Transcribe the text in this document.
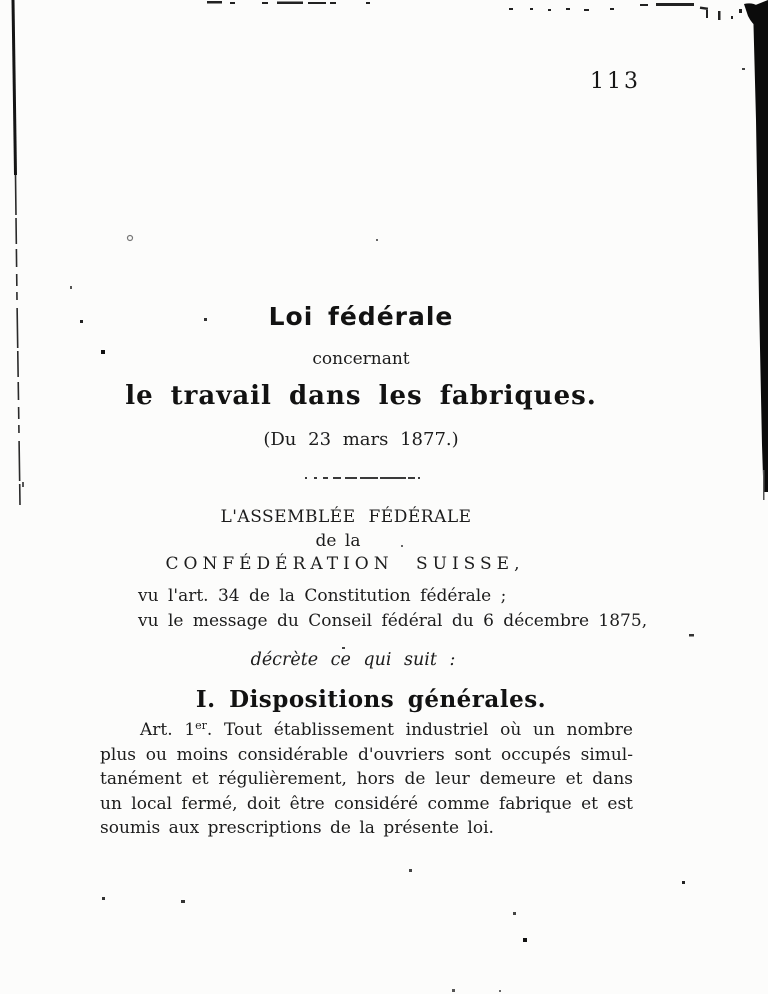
113
Loi fédérale
concernant
le travail dans les fabriques.
(Du 23 mars 1877.)
L'ASSEMBLÉE FÉDÉRALE
de la
CONFÉDÉRATION SUISSE,
vu l'art. 34 de la Constitution fédérale ;
vu le message du Conseil fédéral du 6 décembre 1875,
décrète ce qui suit :
I. Dispositions générales.

Art. 1er. Tout établissement industriel où un nombre plus ou moins considérable d'ouvriers sont occupés simultanément et régulièrement, hors de leur demeure et dans un local fermé, doit être considéré comme fabrique et est soumis aux prescriptions de la présente loi.
